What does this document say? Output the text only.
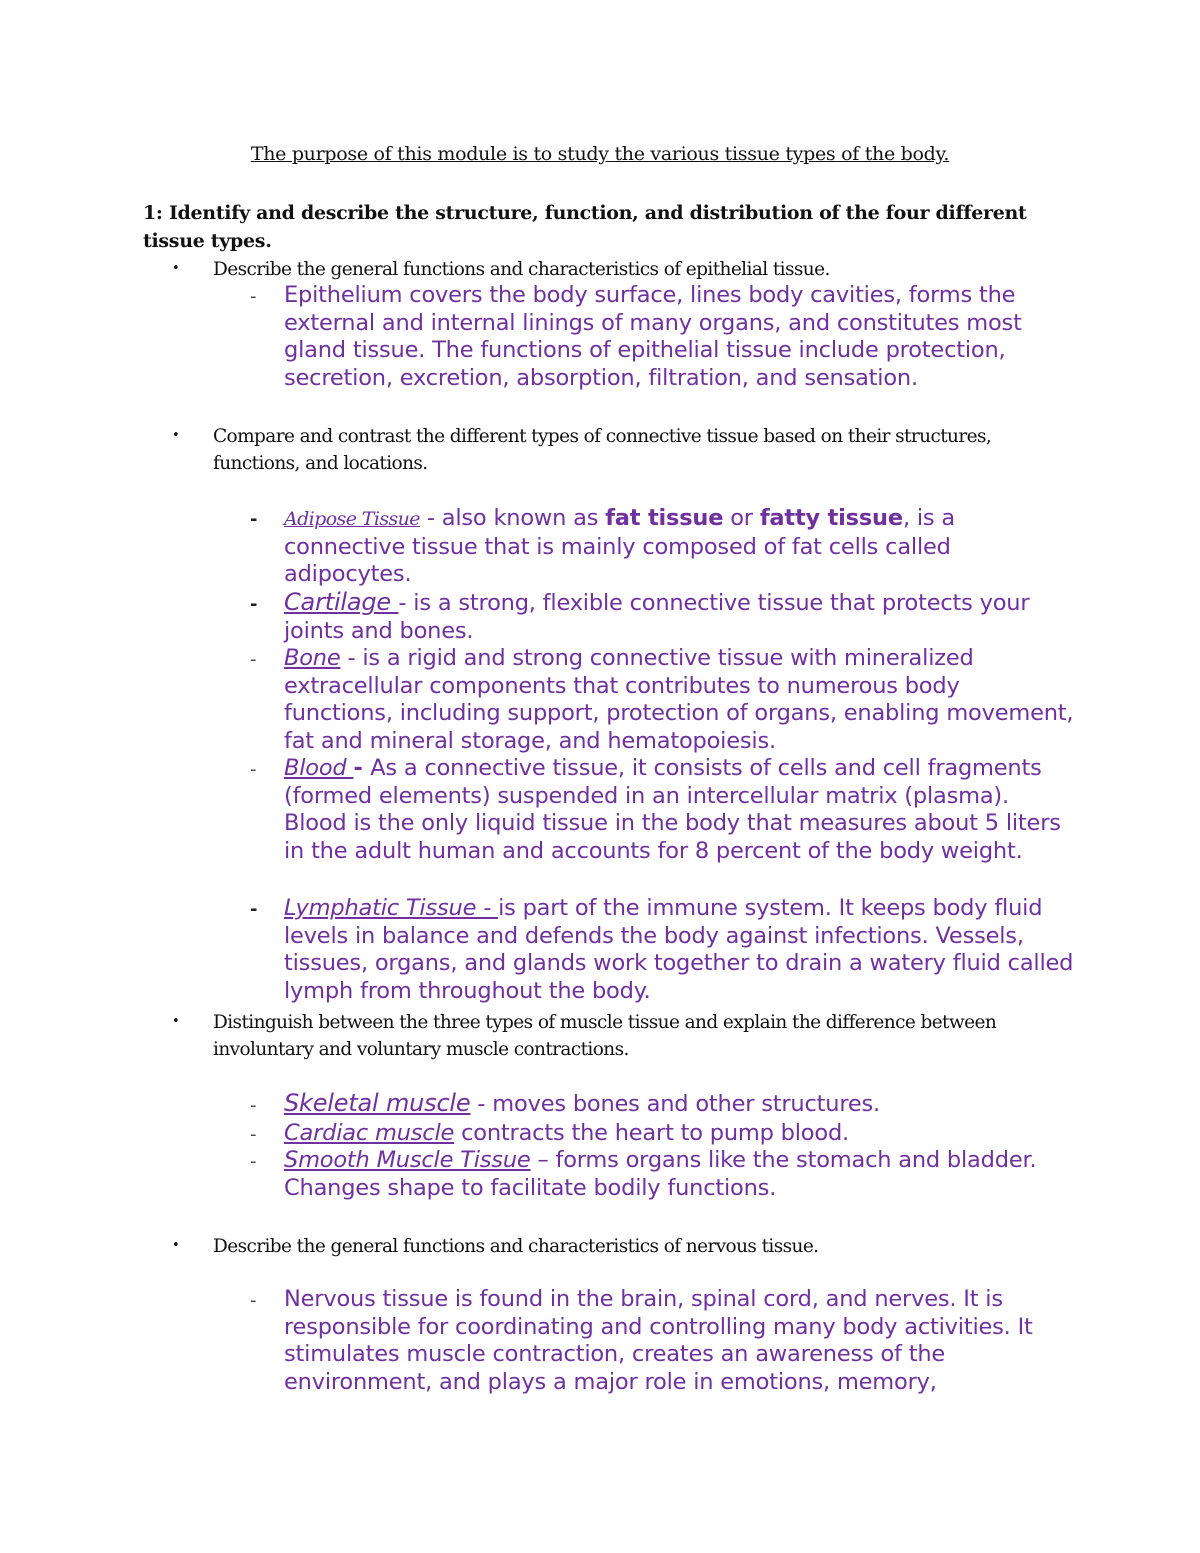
The purpose of this module is to study the various tissue types of the body.
1: Identify and describe the structure, function, and distribution of the four different tissue types.
• Describe the general functions and characteristics of epithelial tissue.
- Epithelium covers the body surface, lines body cavities, forms the external and internal linings of many organs, and constitutes most gland tissue. The functions of epithelial tissue include protection, secretion, excretion, absorption, filtration, and sensation.
• Compare and contrast the different types of connective tissue based on their structures, functions, and locations.
- Adipose Tissue - also known as fat tissue or fatty tissue, is a connective tissue that is mainly composed of fat cells called adipocytes.
- Cartilage - is a strong, flexible connective tissue that protects your joints and bones.
- Bone - is a rigid and strong connective tissue with mineralized extracellular components that contributes to numerous body functions, including support, protection of organs, enabling movement, fat and mineral storage, and hematopoiesis.
- Blood - As a connective tissue, it consists of cells and cell fragments (formed elements) suspended in an intercellular matrix (plasma). Blood is the only liquid tissue in the body that measures about 5 liters in the adult human and accounts for 8 percent of the body weight.
- Lymphatic Tissue - is part of the immune system. It keeps body fluid levels in balance and defends the body against infections. Vessels, tissues, organs, and glands work together to drain a watery fluid called lymph from throughout the body.
• Distinguish between the three types of muscle tissue and explain the difference between involuntary and voluntary muscle contractions.
- Skeletal muscle - moves bones and other structures.
- Cardiac muscle contracts the heart to pump blood.
- Smooth Muscle Tissue – forms organs like the stomach and bladder. Changes shape to facilitate bodily functions.
• Describe the general functions and characteristics of nervous tissue.
- Nervous tissue is found in the brain, spinal cord, and nerves. It is responsible for coordinating and controlling many body activities. It stimulates muscle contraction, creates an awareness of the environment, and plays a major role in emotions, memory,
